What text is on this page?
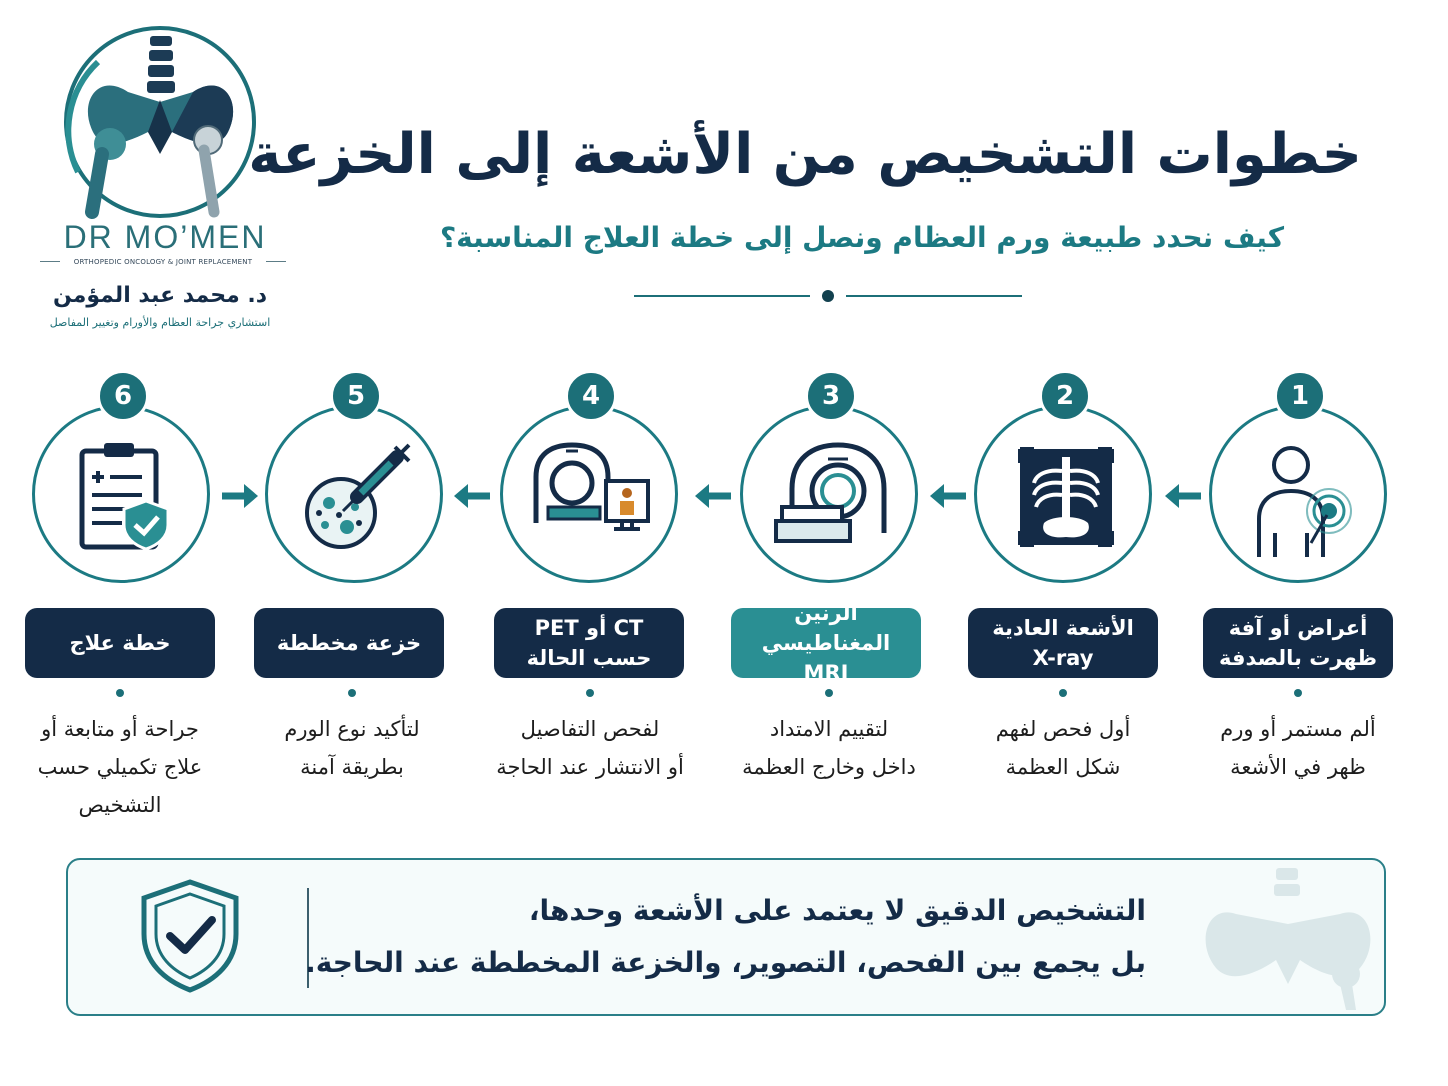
DR MO’MEN
ORTHOPEDIC ONCOLOGY & JOINT REPLACEMENT
د. محمد عبد المؤمن
استشاري جراحة العظام والأورام وتغيير المفاصل
خطوات التشخيص من الأشعة إلى الخزعة
كيف نحدد طبيعة ورم العظام ونصل إلى خطة العلاج المناسبة؟
1
أعراض أو آفة
ظهرت بالصدفة
ألم مستمر أو ورم
ظهر في الأشعة
2
الأشعة العادية
X-ray
أول فحص لفهم
شكل العظمة
3
الرنين المغناطيسي
MRI
لتقييم الامتداد
داخل وخارج العظمة
4
CT أو PET
حسب الحالة
لفحص التفاصيل
أو الانتشار عند الحاجة
5
خزعة مخططة
لتأكيد نوع الورم
بطريقة آمنة
6
خطة علاج
جراحة أو متابعة أو
علاج تكميلي حسب
التشخيص
التشخيص الدقيق لا يعتمد على الأشعة وحدها،
بل يجمع بين الفحص، التصوير، والخزعة المخططة عند الحاجة.
